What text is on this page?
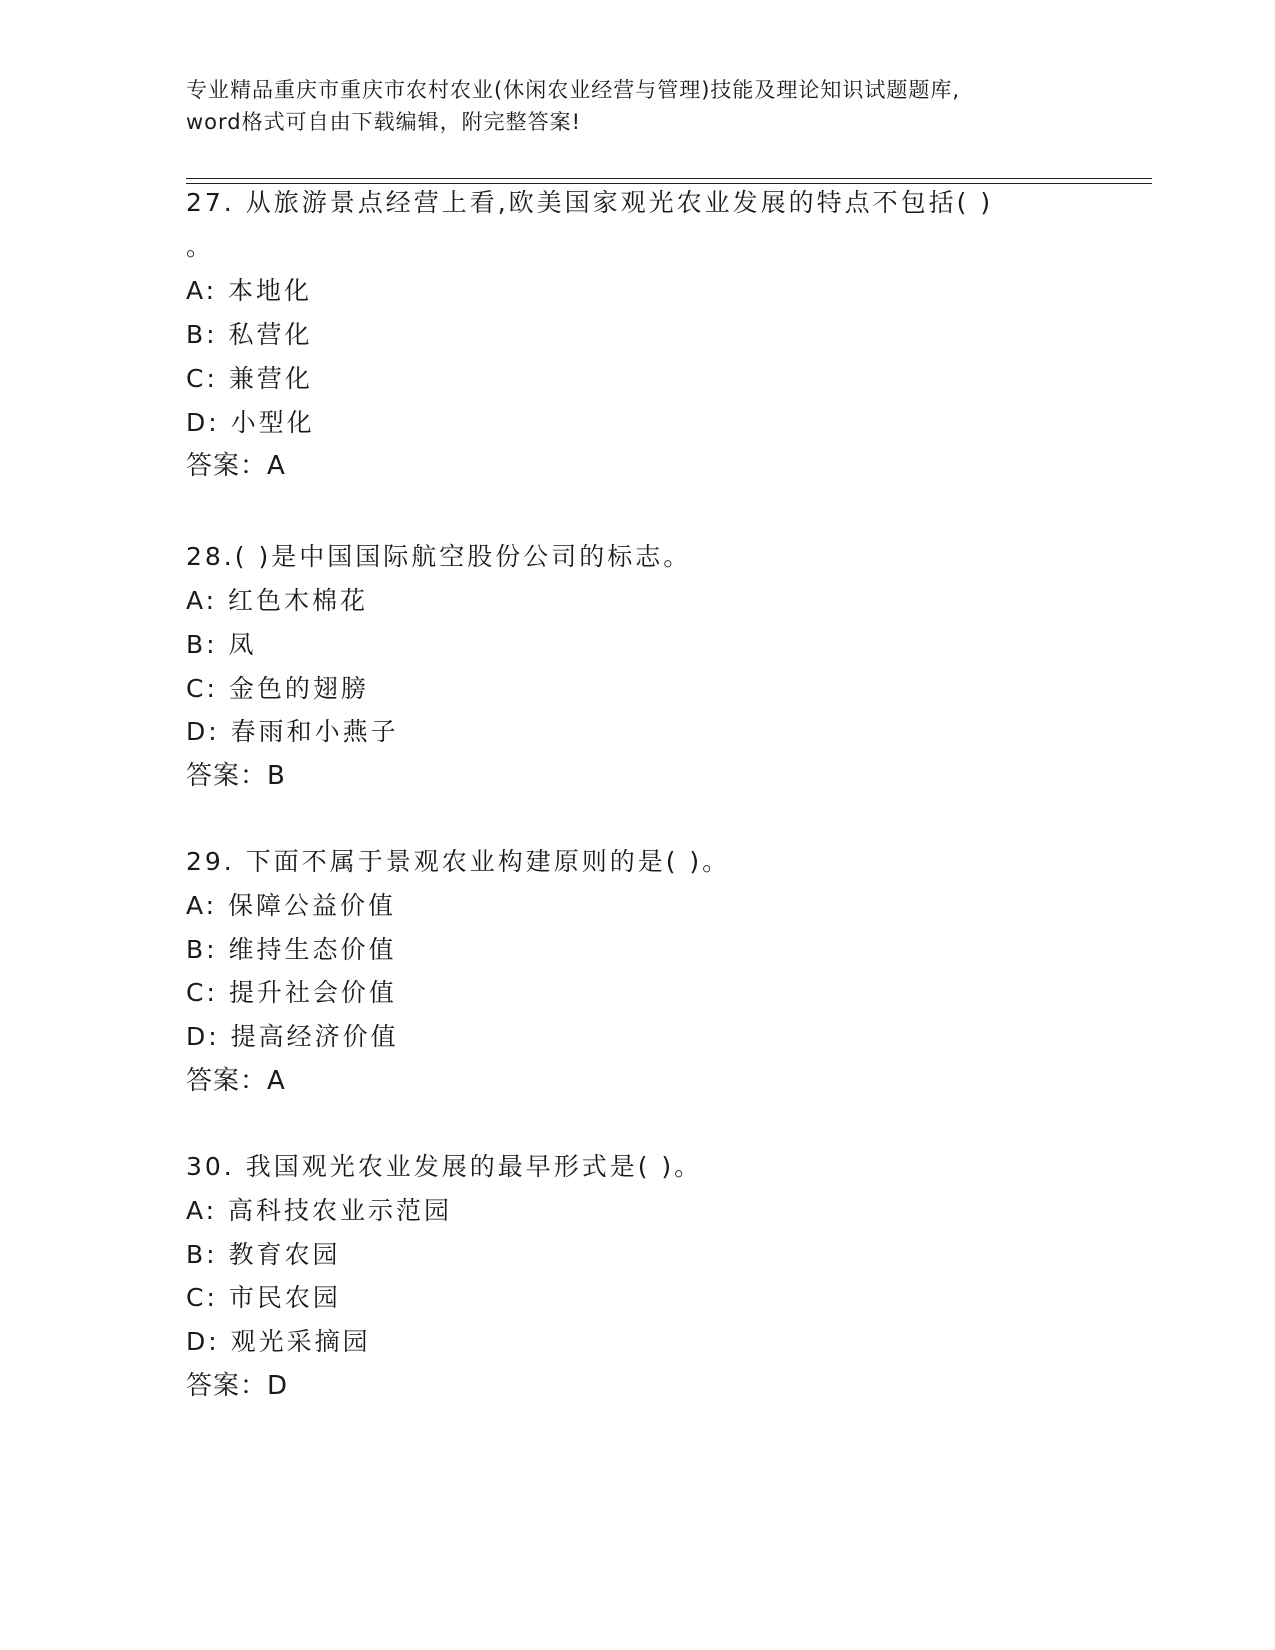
专业精品重庆市重庆市农村农业(休闲农业经营与管理)技能及理论知识试题题库,
word格式可自由下载编辑，附完整答案!
27. 从旅游景点经营上看,欧美国家观光农业发展的特点不包括( )
。
A: 本地化
B: 私营化
C: 兼营化
D: 小型化
答案：A
28.( )是中国国际航空股份公司的标志。
A: 红色木棉花
B: 凤
C: 金色的翅膀
D: 春雨和小燕子
答案：B
29. 下面不属于景观农业构建原则的是( )。
A: 保障公益价值
B: 维持生态价值
C: 提升社会价值
D: 提高经济价值
答案：A
30. 我国观光农业发展的最早形式是( )。
A: 高科技农业示范园
B: 教育农园
C: 市民农园
D: 观光采摘园
答案：D
